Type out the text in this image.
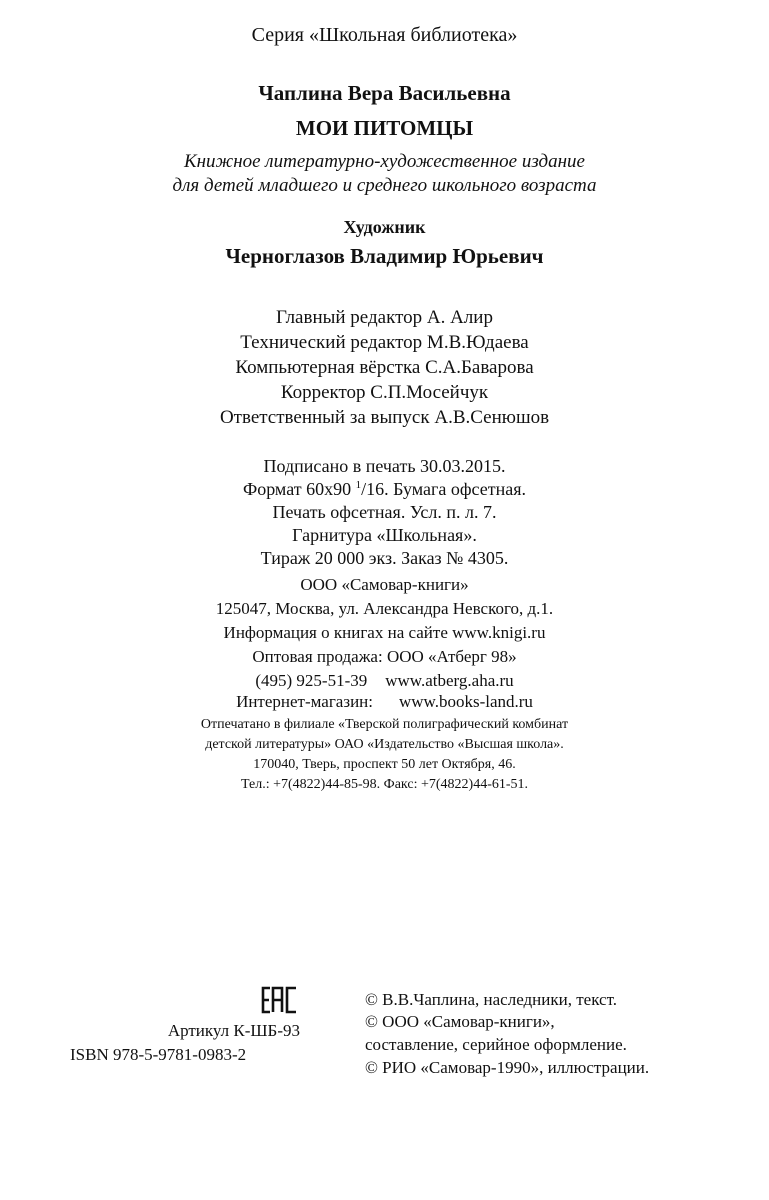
Серия «Школьная библиотека»
Чаплина Вера Васильевна
МОИ ПИТОМЦЫ
Книжное литературно-художественное издание
для детей младшего и среднего школьного возраста
Художник
Черноглазов Владимир Юрьевич
Главный редактор А. Алир
Технический редактор М.В.Юдаева
Компьютерная вёрстка С.А.Баварова
Корректор С.П.Мосейчук
Ответственный за выпуск А.В.Сенюшов
Подписано в печать 30.03.2015.
Формат 60х90 $^1$/16. Бумага офсетная.
Печать офсетная. Усл. п. л. 7.
Гарнитура «Школьная».
Тираж 20 000 экз. Заказ № 4305.
ООО «Самовар-книги»
125047, Москва, ул. Александра Невского, д.1.
Информация о книгах на сайте www.knigi.ru
Оптовая продажа: ООО «Атберг 98»
(495) 925-51-39 www.atberg.aha.ru
Интернет-магазин: www.books-land.ru
Отпечатано в филиале «Тверской полиграфический комбинат
детской литературы» ОАО «Издательство «Высшая школа».
170040, Тверь, проспект 50 лет Октября, 46.
Тел.: +7(4822)44-85-98. Факс: +7(4822)44-61-51.
Артикул К-ШБ-93
ISBN 978-5-9781-0983-2
© В.В.Чаплина, наследники, текст.
© ООО «Самовар-книги»,
составление, серийное оформление.
© РИО «Самовар-1990», иллюстрации.
